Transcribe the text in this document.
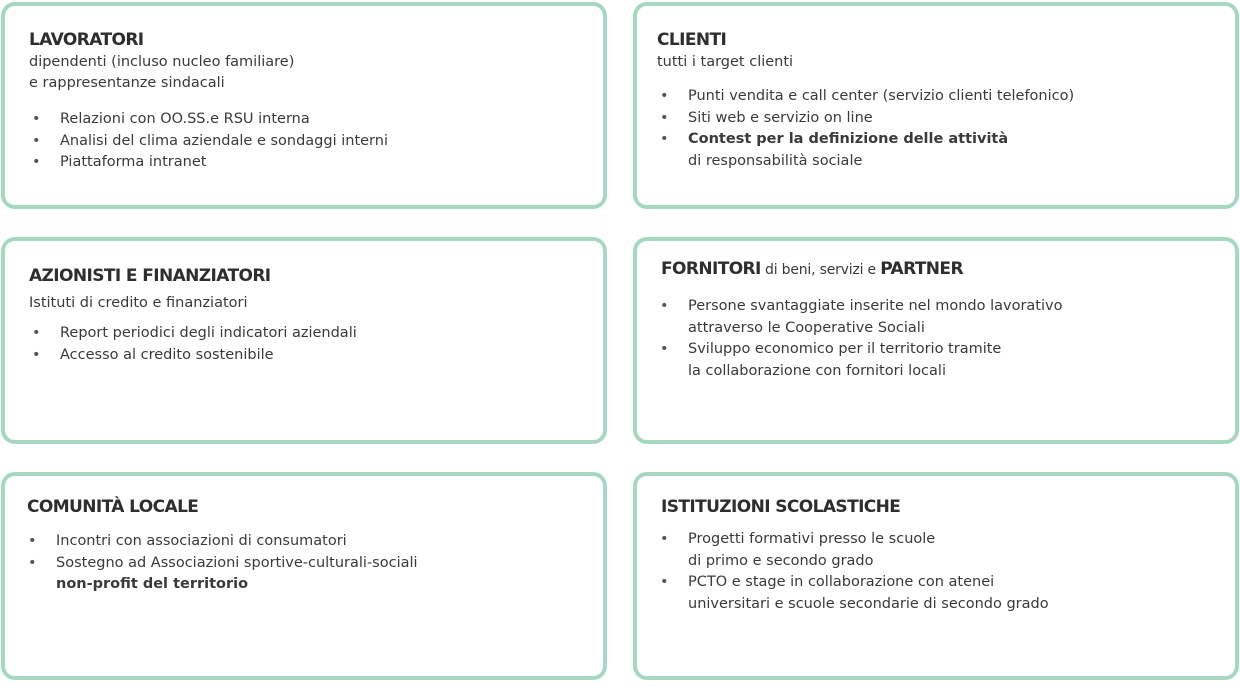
LAVORATORI
dipendenti (incluso nucleo familiare)
e rappresentanze sindacali
• Relazioni con OO.SS.e RSU interna
• Analisi del clima aziendale e sondaggi interni
• Piattaforma intranet
CLIENTI
tutti i target clienti
• Punti vendita e call center (servizio clienti telefonico)
• Siti web e servizio on line
• Contest per la definizione delle attività
di responsabilità sociale
AZIONISTI E FINANZIATORI
Istituti di credito e finanziatori
• Report periodici degli indicatori aziendali
• Accesso al credito sostenibile
FORNITORI di beni, servizi e PARTNER
• Persone svantaggiate inserite nel mondo lavorativo
attraverso le Cooperative Sociali
• Sviluppo economico per il territorio tramite
la collaborazione con fornitori locali
COMUNITÀ LOCALE
• Incontri con associazioni di consumatori
• Sostegno ad Associazioni sportive-culturali-sociali
non-profit del territorio
ISTITUZIONI SCOLASTICHE
• Progetti formativi presso le scuole
di primo e secondo grado
• PCTO e stage in collaborazione con atenei
universitari e scuole secondarie di secondo grado
